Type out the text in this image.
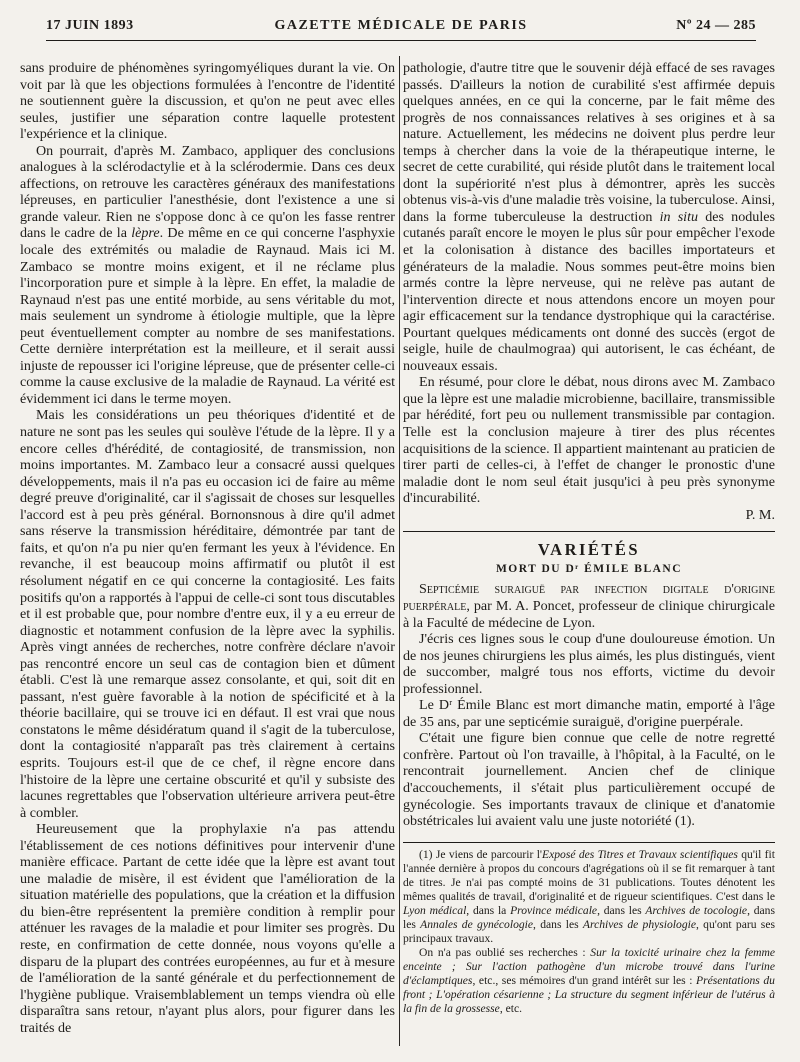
17 JUIN 1893	GAZETTE MÉDICALE DE PARIS	Nº 24 — 285

sans produire de phénomènes syringomyéliques durant la vie. On voit par là que les objections formulées à l'encontre de l'identité ne soutiennent guère la discussion, et qu'on ne peut avec elles seules, justifier une séparation contre laquelle protestent l'expérience et la clinique.

On pourrait, d'après M. Zambaco, appliquer des conclusions analogues à la sclérodactylie et à la sclérodermie. Dans ces deux affections, on retrouve les caractères généraux des manifestations lépreuses, en particulier l'anesthésie, dont l'existence a une si grande valeur. Rien ne s'oppose donc à ce qu'on les fasse rentrer dans le cadre de la lèpre. De même en ce qui concerne l'asphyxie locale des extrémités ou maladie de Raynaud. Mais ici M. Zambaco se montre moins exigent, et il ne réclame plus l'incorporation pure et simple à la lèpre. En effet, la maladie de Raynaud n'est pas une entité morbide, au sens véritable du mot, mais seulement un syndrome à étiologie multiple, que la lèpre peut éventuellement compter au nombre de ses manifestations. Cette dernière interprétation est la meilleure, et il serait aussi injuste de repousser ici l'origine lépreuse, que de présenter celle-ci comme la cause exclusive de la maladie de Raynaud. La vérité est évidemment ici dans le terme moyen.

Mais les considérations un peu théoriques d'identité et de nature ne sont pas les seules qui soulève l'étude de la lèpre. Il y a encore celles d'hérédité, de contagiosité, de transmission, non moins importantes. M. Zambaco leur a consacré aussi quelques développements, mais il n'a pas eu occasion ici de faire au même degré preuve d'originalité, car il s'agissait de choses sur lesquelles l'accord est à peu près général. Bornonsnous à dire qu'il admet sans réserve la transmission héréditaire, démontrée par tant de faits, et qu'on n'a pu nier qu'en fermant les yeux à l'évidence. En revanche, il est beaucoup moins affirmatif ou plutôt il est résolument négatif en ce qui concerne la contagiosité. Les faits positifs qu'on a rapportés à l'appui de celle-ci sont tous discutables et il est probable que, pour nombre d'entre eux, il y a eu erreur de diagnostic et notamment confusion de la lèpre avec la syphilis. Après vingt années de recherches, notre confrère déclare n'avoir pas rencontré encore un seul cas de contagion bien et dûment établi. C'est là une remarque assez consolante, et qui, soit dit en passant, n'est guère favorable à la notion de spécificité et à la théorie bacillaire, qui se trouve ici en défaut. Il est vrai que nous constatons le même désidératum quand il s'agit de la tuberculose, dont la contagiosité n'apparaît pas très clairement à certains esprits. Toujours est-il que de ce chef, il règne encore dans l'histoire de la lèpre une certaine obscurité et qu'il y subsiste des lacunes regrettables que l'observation ultérieure arrivera peut-être à combler.

Heureusement que la prophylaxie n'a pas attendu l'établissement de ces notions définitives pour intervenir d'une manière efficace. Partant de cette idée que la lèpre est avant tout une maladie de misère, il est évident que l'amélioration de la situation matérielle des populations, que la création et la diffusion du bien-être représentent la première condition à remplir pour atténuer les ravages de la maladie et pour limiter ses progrès. Du reste, en confirmation de cette donnée, nous voyons qu'elle a disparu de la plupart des contrées européennes, au fur et à mesure de l'amélioration de la santé générale et du perfectionnement de l'hygiène publique. Vraisemblablement un temps viendra où elle disparaîtra sans retour, n'ayant plus alors, pour figurer dans les traités de

pathologie, d'autre titre que le souvenir déjà effacé de ses ravages passés. D'ailleurs la notion de curabilité s'est affirmée depuis quelques années, en ce qui la concerne, par le fait même des progrès de nos connaissances relatives à ses origines et à sa nature. Actuellement, les médecins ne doivent plus perdre leur temps à chercher dans la voie de la thérapeutique interne, le secret de cette curabilité, qui réside plutôt dans le traitement local dont la supériorité n'est plus à démontrer, après les succès obtenus vis-à-vis d'une maladie très voisine, la tuberculose. Ainsi, dans la forme tuberculeuse la destruction in situ des nodules cutanés paraît encore le moyen le plus sûr pour empêcher l'exode et la colonisation à distance des bacilles importateurs et générateurs de la maladie. Nous sommes peut-être moins bien armés contre la lèpre nerveuse, qui ne relève pas autant de l'intervention directe et nous attendons encore un moyen pour agir efficacement sur la tendance dystrophique qui la caractérise. Pourtant quelques médicaments ont donné des succès (ergot de seigle, huile de chaulmograa) qui autorisent, le cas échéant, de nouveaux essais.

En résumé, pour clore le débat, nous dirons avec M. Zambaco que la lèpre est une maladie microbienne, bacillaire, transmissible par hérédité, fort peu ou nullement transmissible par contagion. Telle est la conclusion majeure à tirer des plus récentes acquisitions de la science. Il appartient maintenant au praticien de tirer parti de celles-ci, à l'effet de changer le pronostic d'une maladie dont le nom seul était jusqu'ici à peu près synonyme d'incurabilité.

P. M.

VARIÉTÉS
MORT DU Dʳ ÉMILE BLANC

Septicémie suraiguë par infection digitale d'origine puerpérale, par M. A. Poncet, professeur de clinique chirurgicale à la Faculté de médecine de Lyon.

J'écris ces lignes sous le coup d'une douloureuse émotion. Un de nos jeunes chirurgiens les plus aimés, les plus distingués, vient de succomber, malgré tous nos efforts, victime du devoir professionnel.

Le Dʳ Émile Blanc est mort dimanche matin, emporté à l'âge de 35 ans, par une septicémie suraiguë, d'origine puerpérale.

C'était une figure bien connue que celle de notre regretté confrère. Partout où l'on travaille, à l'hôpital, à la Faculté, on le rencontrait journellement. Ancien chef de clinique d'accouchements, il s'était plus particulièrement occupé de gynécologie. Ses importants travaux de clinique et d'anatomie obstétricales lui avaient valu une juste notoriété (1).

(1) Je viens de parcourir l'Exposé des Titres et Travaux scientifiques qu'il fit l'année dernière à propos du concours d'agrégations où il se fit remarquer à tant de titres. Je n'ai pas compté moins de 31 publications. Toutes dénotent les mêmes qualités de travail, d'originalité et de rigueur scientifiques. C'est dans le Lyon médical, dans la Province médicale, dans les Archives de tocologie, dans les Annales de gynécologie, dans les Archives de physiologie, qu'ont paru ses principaux travaux.

On n'a pas oublié ses recherches : Sur la toxicité urinaire chez la femme enceinte ; Sur l'action pathogène d'un microbe trouvé dans l'urine d'éclamptiques, etc., ses mémoires d'un grand intérêt sur les : Présentations du front ; L'opération césarienne ; La structure du segment inférieur de l'utérus à la fin de la grossesse, etc.
